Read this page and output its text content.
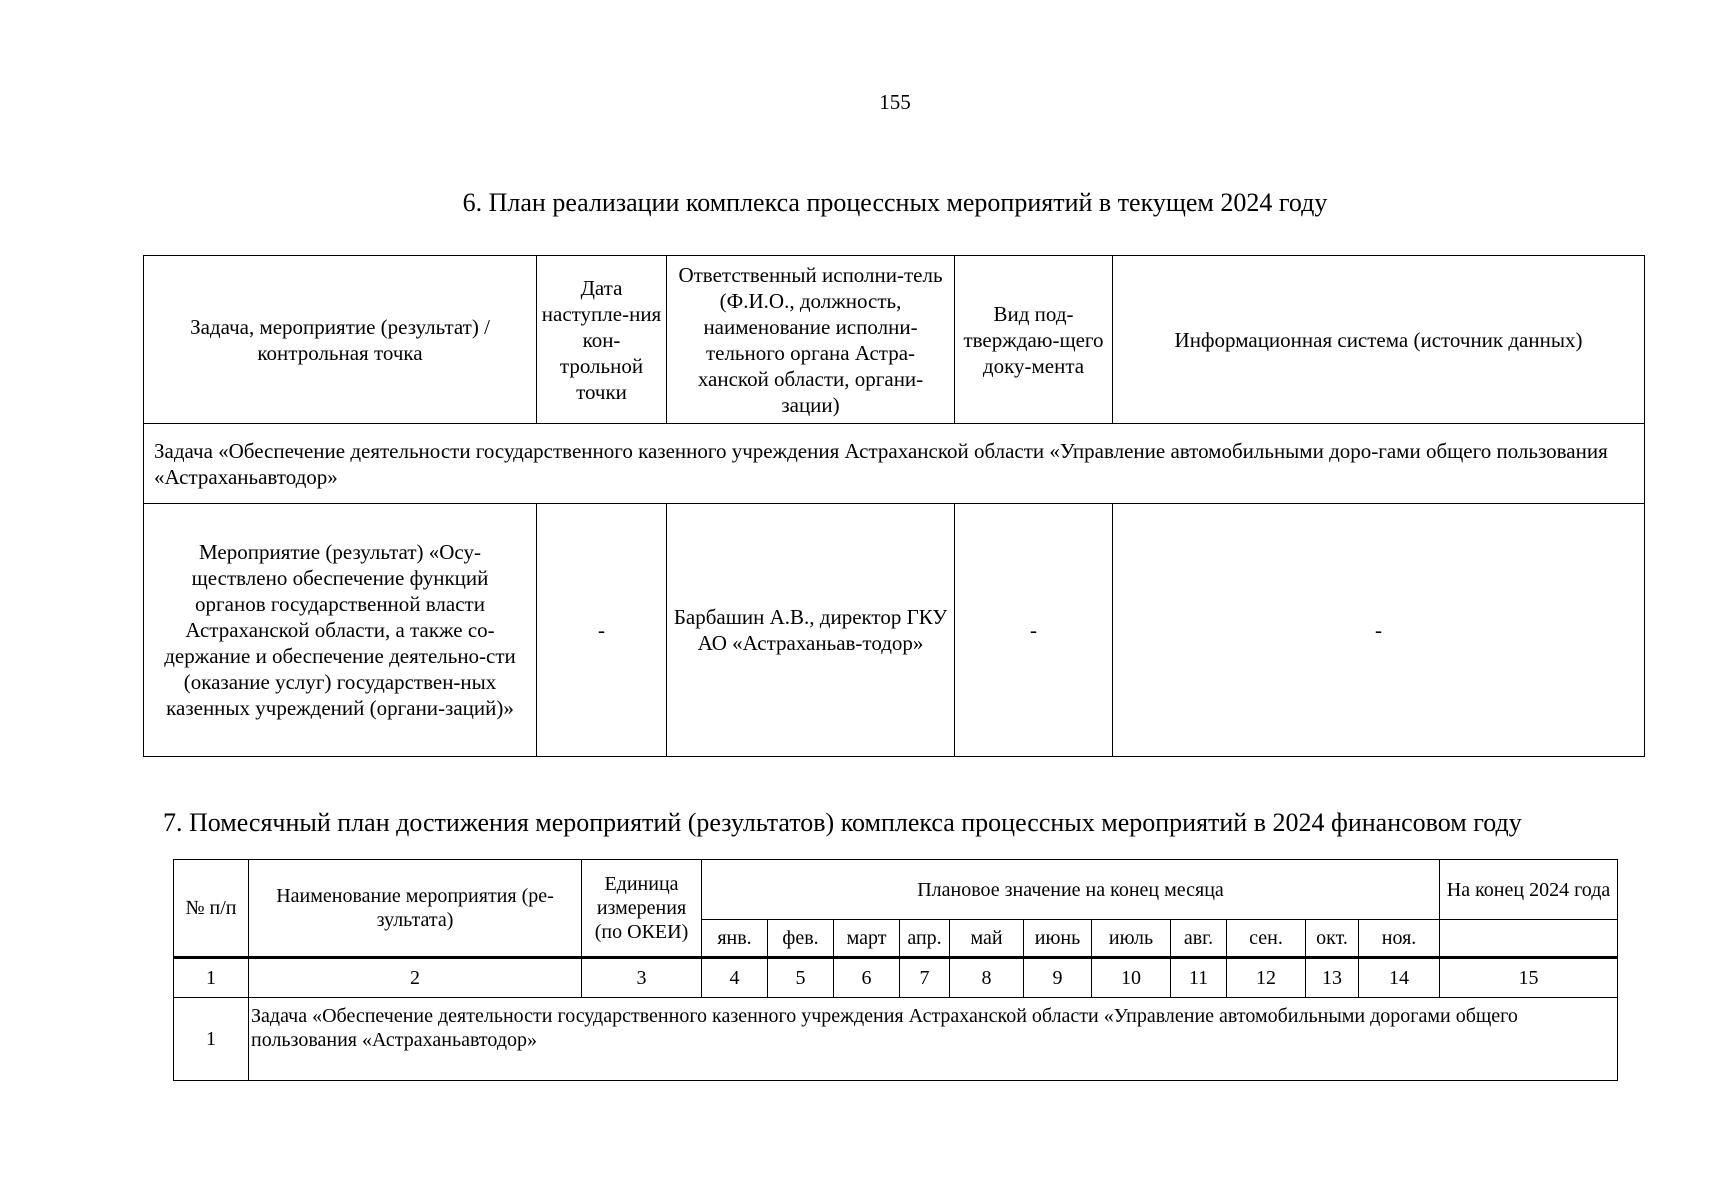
155
6. План реализации комплекса процессных мероприятий в текущем 2024 году
Задача, мероприятие (результат) / контрольная точка	Дата наступле-ния кон-трольной точки	Ответственный исполни-тель (Ф.И.О., должность, наименование исполни-тельного органа Астра-ханской области, органи-зации)	Вид под-тверждаю-щего доку-мента	Информационная система (источник данных)
Задача «Обеспечение деятельности государственного казенного учреждения Астраханской области «Управление автомобильными доро-гами общего пользования «Астраханьавтодор»				
Мероприятие (результат) «Осу-ществлено обеспечение функций органов государственной власти Астраханской области, а также со-держание и обеспечение деятельно-сти (оказание услуг) государствен-ных казенных учреждений (органи-заций)»	-	Барбашин А.В., директор ГКУ АО «Астраханьав-тодор»	-	-
7. Помесячный план достижения мероприятий (результатов) комплекса процессных мероприятий в 2024 финансовом году
№ п/п	Наименование мероприятия (ре-зультата)	Единица измерения (по ОКЕИ)	Плановое значение на конец месяца											На конец 2024 года
			янв.	фев.	март	апр.	май	июнь	июль	авг.	сен.	окт.	ноя.	
1	2	3	4	5	6	7	8	9	10	11	12	13	14	15
1	Задача «Обеспечение деятельности государственного казенного учреждения Астраханской области «Управление автомобильными дорогами общего пользования «Астраханьавтодор»													
